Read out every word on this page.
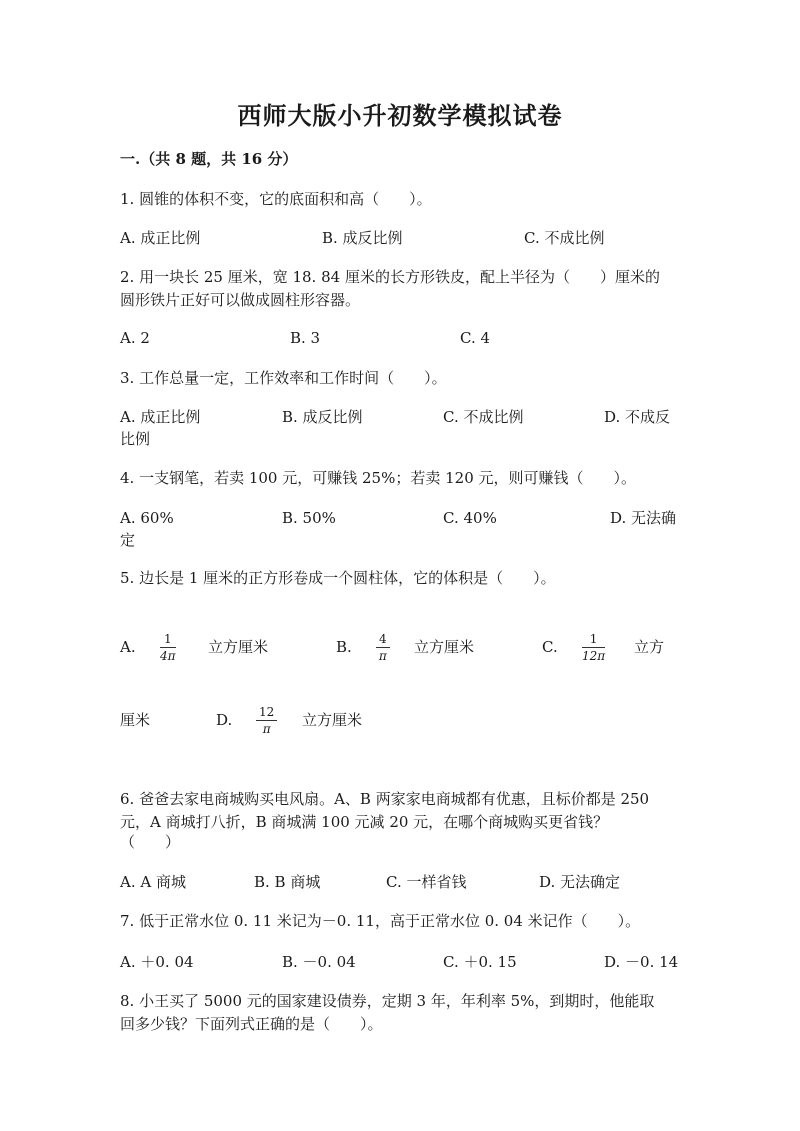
西师大版小升初数学模拟试卷
一.（共 8 题，共 16 分）
1. 圆锥的体积不变，它的底面积和高（　　）。
A. 成正比例	B. 成反比例	C. 不成比例
2. 用一块长 25 厘米，宽 18. 84 厘米的长方形铁皮，配上半径为（　　）厘米的
圆形铁片正好可以做成圆柱形容器。
A. 2	B. 3	C. 4
3. 工作总量一定，工作效率和工作时间（　　）。
A. 成正比例	B. 成反比例	C. 不成比例	D. 不成反
比例
4. 一支钢笔，若卖 100 元，可赚钱 25%；若卖 120 元，则可赚钱（　　）。
A. 60%	B. 50%	C. 40%	D. 无法确
定
5. 边长是 1 厘米的正方形卷成一个圆柱体，它的体积是（　　）。
A.	1
4π 立方厘米	B. 4
π 立方厘米	C.	1
12π 立方
厘米	D. 12
π	立方厘米
6. 爸爸去家电商城购买电风扇。A、B 两家家电商城都有优惠，且标价都是 250
元，A 商城打八折，B 商城满 100 元减 20 元，在哪个商城购买更省钱？
（　　）
A. A 商城	B. B 商城	C. 一样省钱	D. 无法确定
7. 低于正常水位 0. 11 米记为－0. 11，高于正常水位 0. 04 米记作（　　）。
A. ＋0. 04	B. －0. 04	C. ＋0. 15	D. －0. 14
8. 小王买了 5000 元的国家建设债券，定期 3 年，年利率 5%，到期时，他能取
回多少钱？下面列式正确的是（　　）。
